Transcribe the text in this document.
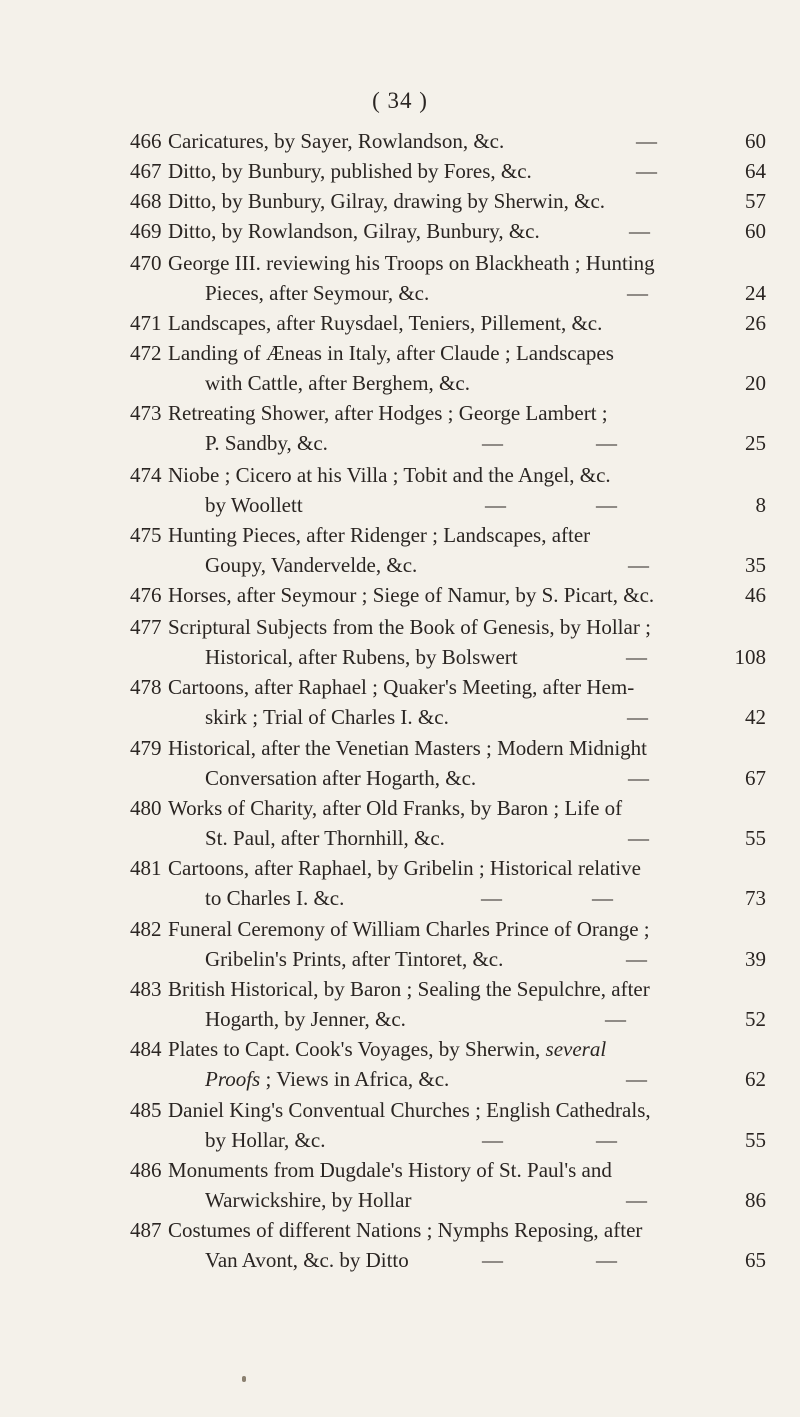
( 34 )
466 Caricatures, by Sayer, Rowlandson, &c.	—	60
467 Ditto, by Bunbury, published by Fores, &c.	—	64
468 Ditto, by Bunbury, Gilray, drawing by Sherwin, &c.	57
469 Ditto, by Rowlandson, Gilray, Bunbury, &c.	—	60
470 George III. reviewing his Troops on Blackheath ; Hunting
Pieces, after Seymour, &c.	—	24
471 Landscapes, after Ruysdael, Teniers, Pillement, &c.	26
472 Landing of Æneas in Italy, after Claude ; Landscapes
with Cattle, after Berghem, &c.	20
473 Retreating Shower, after Hodges ; George Lambert ;
P. Sandby, &c.	—	—	25
474 Niobe ; Cicero at his Villa ; Tobit and the Angel, &c.
by Woollett	—	—	8
475 Hunting Pieces, after Ridenger ; Landscapes, after
Goupy, Vandervelde, &c.	—	35
476 Horses, after Seymour ; Siege of Namur, by S. Picart, &c.	46
477 Scriptural Subjects from the Book of Genesis, by Hollar ;
Historical, after Rubens, by Bolswert	—	108
478 Cartoons, after Raphael ; Quaker's Meeting, after Hem-
skirk ; Trial of Charles I. &c.	—	42
479 Historical, after the Venetian Masters ; Modern Midnight
Conversation after Hogarth, &c.	—	67
480 Works of Charity, after Old Franks, by Baron ; Life of
St. Paul, after Thornhill, &c.	—	55
481 Cartoons, after Raphael, by Gribelin ; Historical relative
to Charles I. &c.	—	—	73
482 Funeral Ceremony of William Charles Prince of Orange ;
Gribelin's Prints, after Tintoret, &c.	—	39
483 British Historical, by Baron ; Sealing the Sepulchre, after
Hogarth, by Jenner, &c.	—	52
484 Plates to Capt. Cook's Voyages, by Sherwin, several
Proofs ; Views in Africa, &c.	—	62
485 Daniel King's Conventual Churches ; English Cathedrals,
by Hollar, &c.	—	—	55
486 Monuments from Dugdale's History of St. Paul's and
Warwickshire, by Hollar	—	86
487 Costumes of different Nations ; Nymphs Reposing, after
Van Avont, &c. by Ditto	—	—	65
